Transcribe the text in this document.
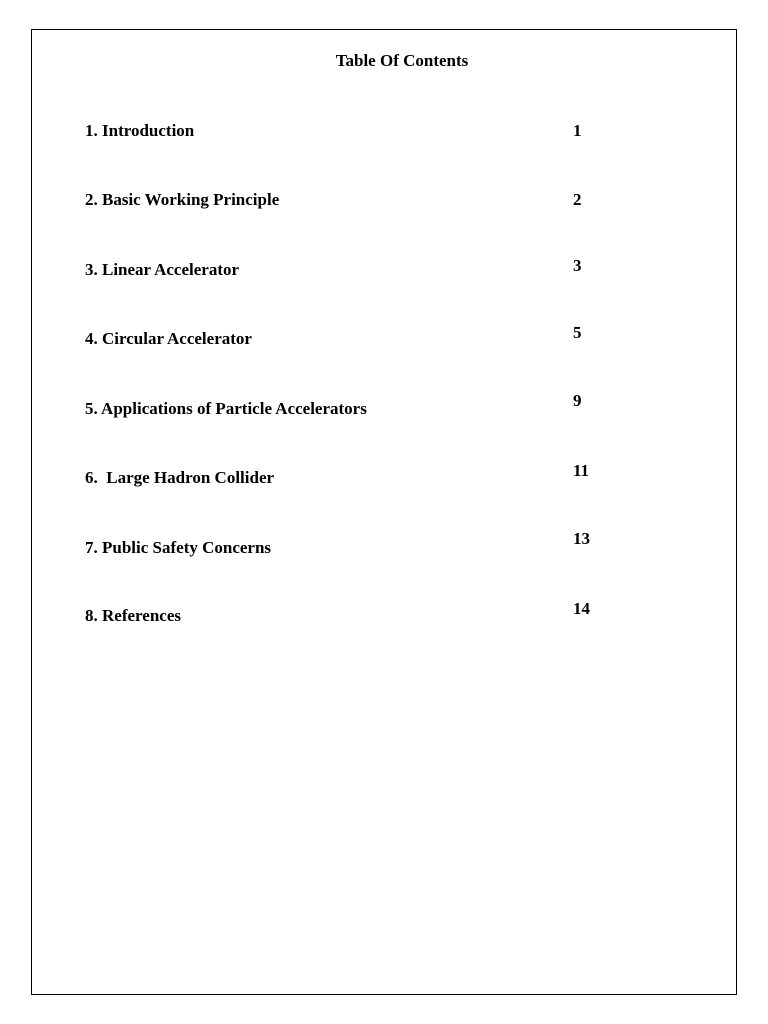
Table Of Contents
1. Introduction	1
2. Basic Working Principle	2
3. Linear Accelerator	3
4. Circular Accelerator	5
5. Applications of Particle Accelerators	9
6.  Large Hadron Collider	11
7. Public Safety Concerns	13
8. References	14
